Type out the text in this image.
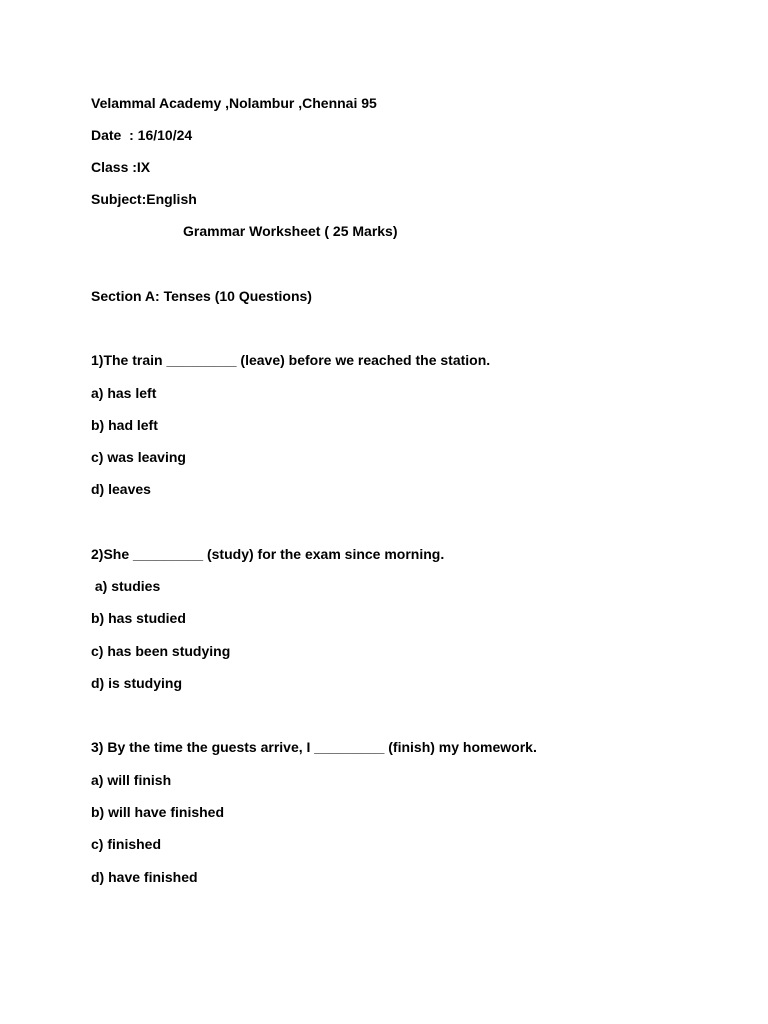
Velammal Academy ,Nolambur ,Chennai 95
Date  : 16/10/24
Class :IX
Subject:English
Grammar Worksheet ( 25 Marks)
Section A: Tenses (10 Questions)
1)The train _________ (leave) before we reached the station.
a) has left
b) had left
c) was leaving
d) leaves
2)She _________ (study) for the exam since morning.
a) studies
b) has studied
c) has been studying
d) is studying
3) By the time the guests arrive, I _________ (finish) my homework.
a) will finish
b) will have finished
c) finished
d) have finished
